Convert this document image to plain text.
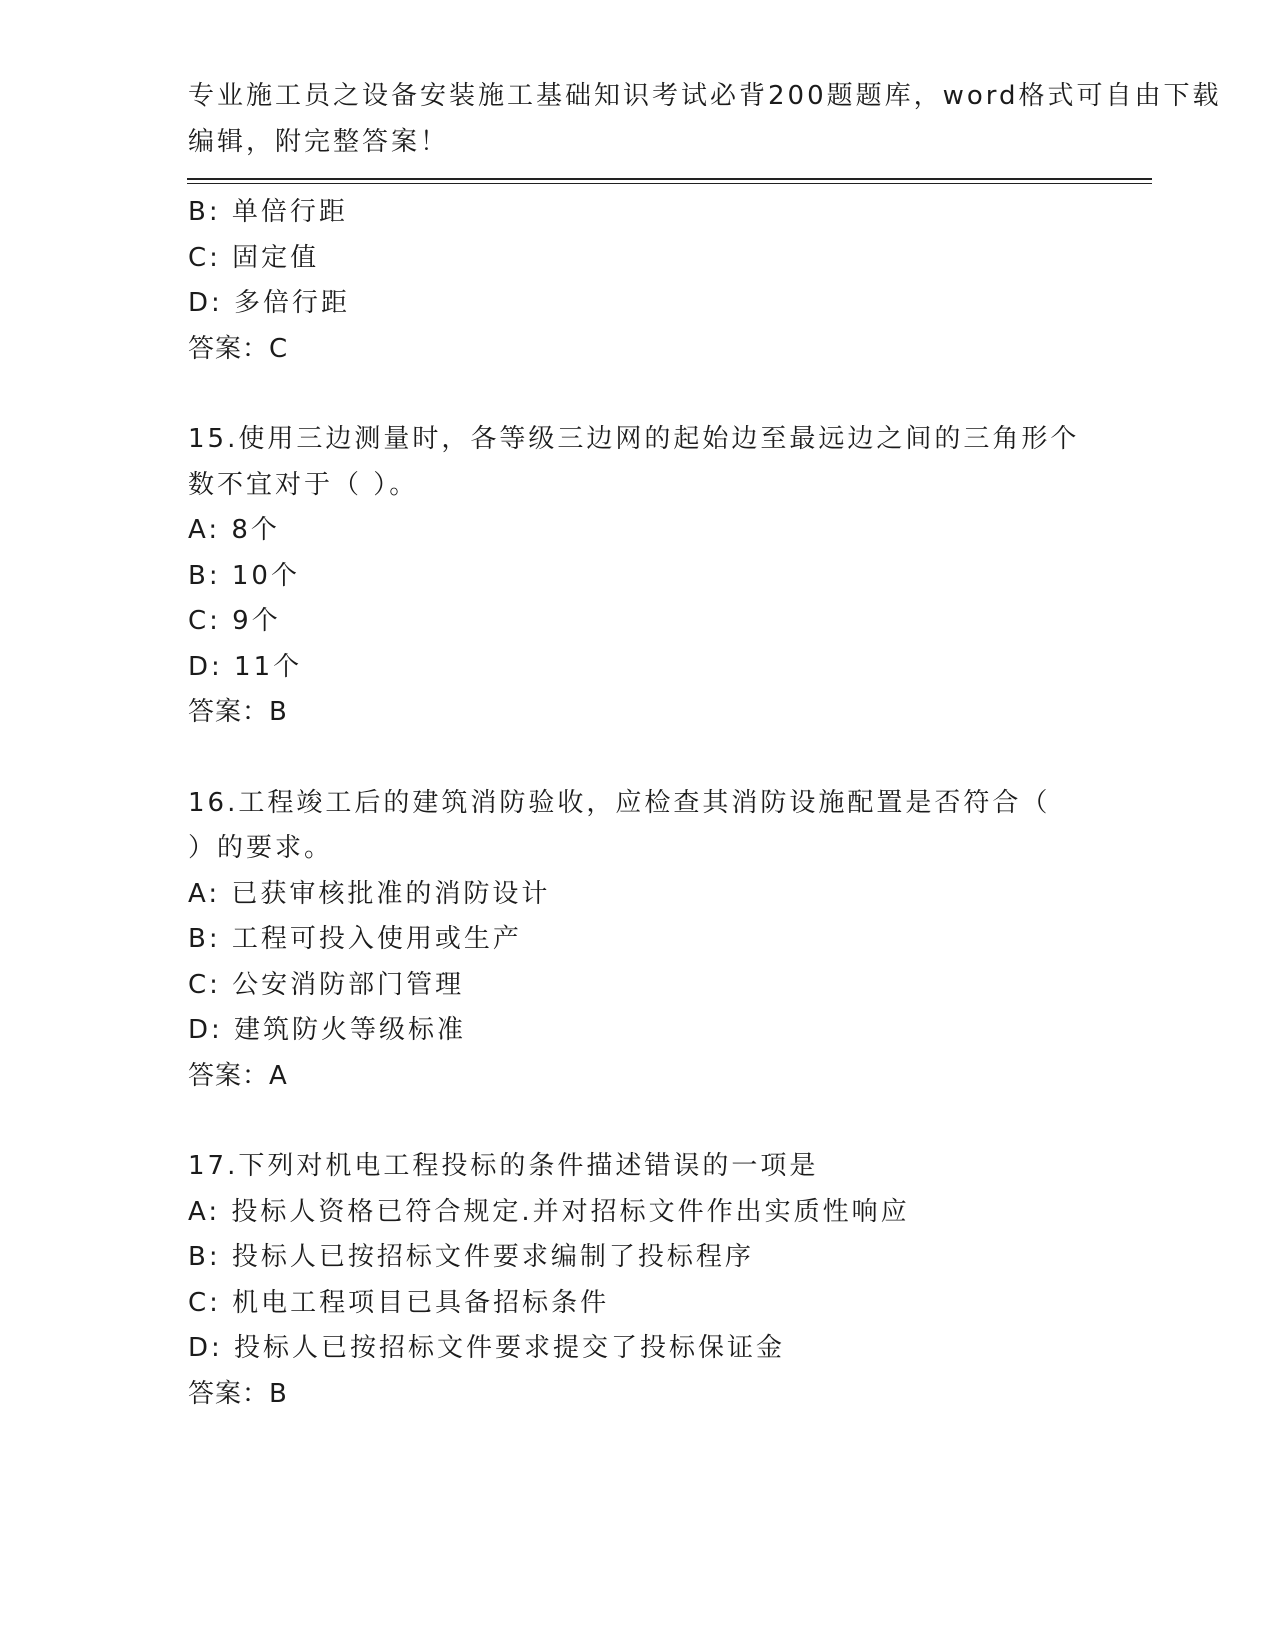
专业施工员之设备安装施工基础知识考试必背200题题库，word格式可自由下载
编辑，附完整答案！
B: 单倍行距
C: 固定值
D: 多倍行距
答案：C
15.使用三边测量时，各等级三边网的起始边至最远边之间的三角形个
数不宜对于（ ）。
A: 8个
B: 10个
C: 9个
D: 11个
答案：B
16.工程竣工后的建筑消防验收，应检查其消防设施配置是否符合（
）的要求。
A: 已获审核批准的消防设计
B: 工程可投入使用或生产
C: 公安消防部门管理
D: 建筑防火等级标准
答案：A
17.下列对机电工程投标的条件描述错误的一项是
A: 投标人资格已符合规定.并对招标文件作出实质性响应
B: 投标人已按招标文件要求编制了投标程序
C: 机电工程项目已具备招标条件
D: 投标人已按招标文件要求提交了投标保证金
答案：B
